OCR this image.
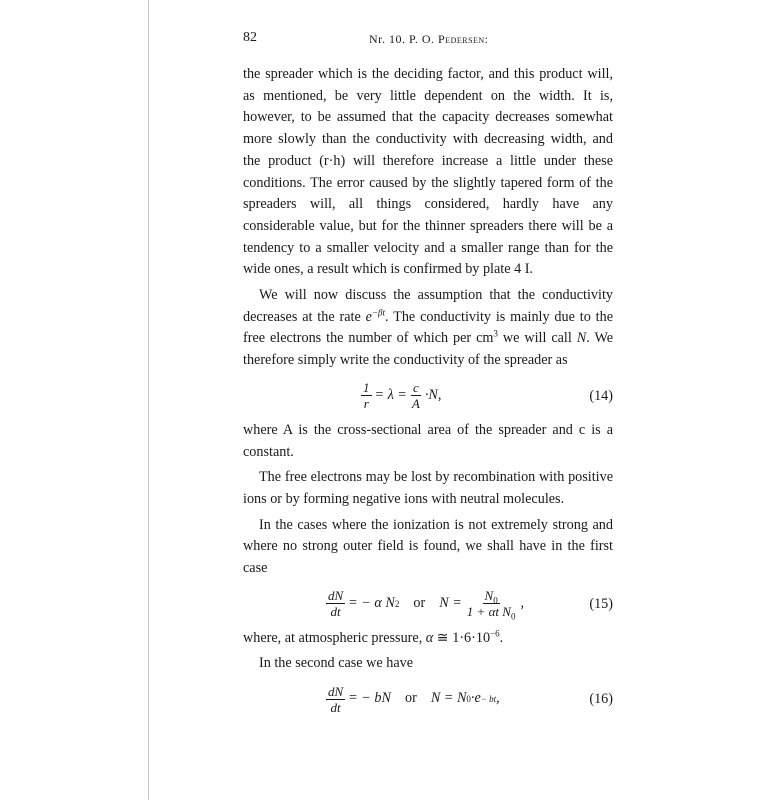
82	Nr. 10. P. O. Pedersen:

the spreader which is the deciding factor, and this product will, as mentioned, be very little dependent on the width. It is, however, to be assumed that the capacity decreases somewhat more slowly than the conductivity with decreasing width, and the product (r·h) will therefore increase a little under these conditions. The error caused by the slightly tapered form of the spreaders will, all things considered, hardly have any considerable value, but for the thinner spreaders there will be a tendency to a smaller velocity and a smaller range than for the wide ones, a result which is confirmed by plate 4 I.

We will now discuss the assumption that the conductivity decreases at the rate $e^{-\beta t}$. The conductivity is mainly due to the free electrons the number of which per $cm^3$ we will call N. We therefore simply write the conductivity of the spreader as

$\frac{1}{r} = \lambda = \frac{c}{A} \cdot N$,	(14)

where A is the cross-sectional area of the spreader and c is a constant.

The free electrons may be lost by recombination with positive ions or by forming negative ions with neutral molecules.

In the cases where the ionization is not extremely strong and where no strong outer field is found, we shall have in the first case

$\frac{dN}{dt}$ = − α N 2 or $N = \frac{N_0}{1 + \alpha t N_0}$ ,	(15)

where, at atmospheric pressure, α ≅ $1\cdot 6\cdot 10^{-6}$.

In the second case we have

$\frac{dN}{dt}$ = − bN or N = N 0 ·e − bt ,	(16)
